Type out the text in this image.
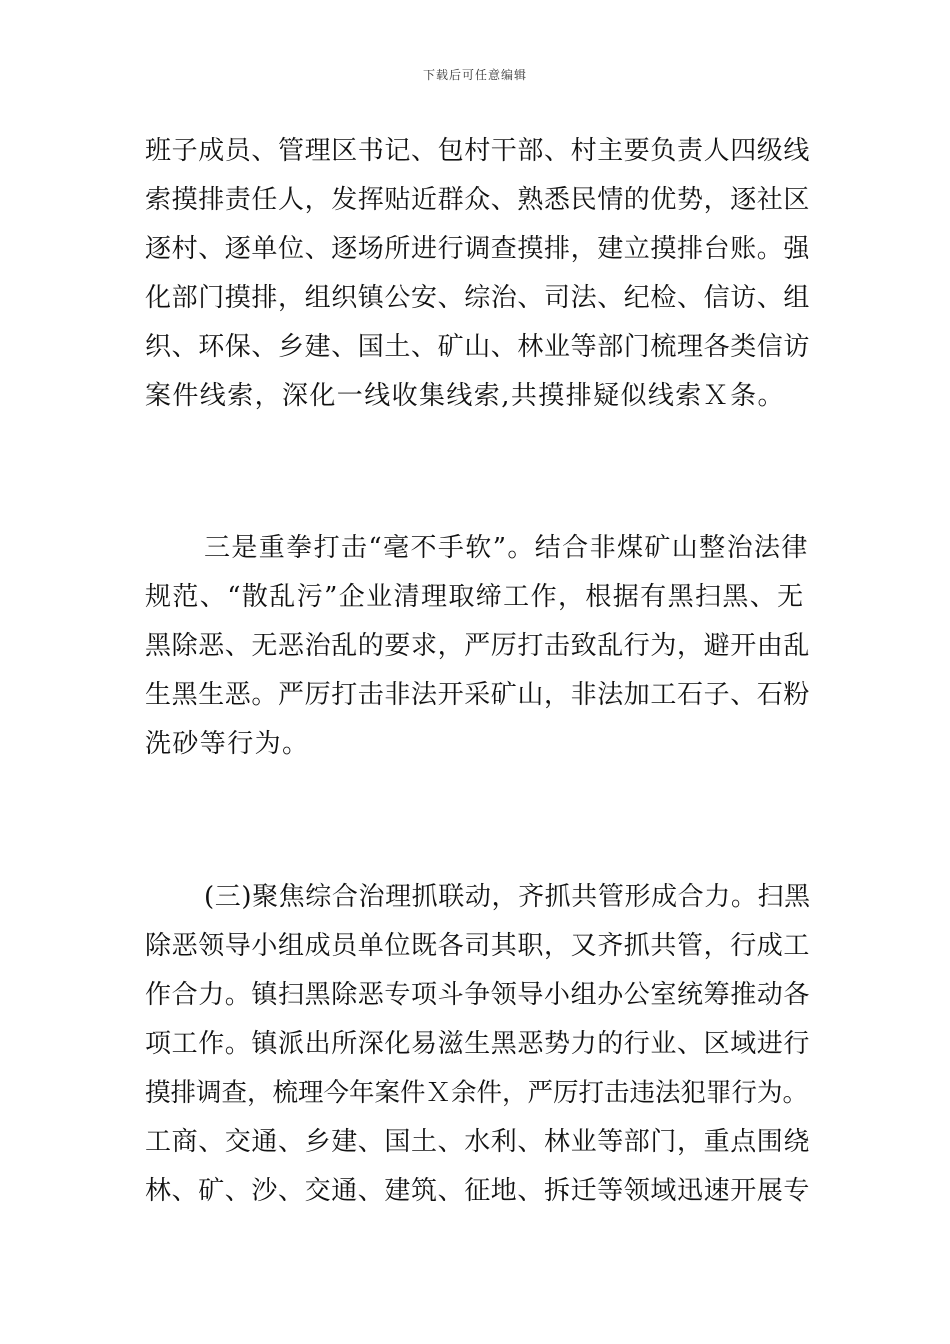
下载后可任意编辑
班子成员、管理区书记、包村干部、村主要负责人四级线
索摸排责任人，发挥贴近群众、熟悉民情的优势，逐社区
逐村、逐单位、逐场所进行调查摸排，建立摸排台账。强
化部门摸排，组织镇公安、综治、司法、纪检、信访、组
织、环保、乡建、国土、矿山、林业等部门梳理各类信访
案件线索，深化一线收集线索,共摸排疑似线索Ｘ条。
三是重拳打击“毫不手软”。结合非煤矿山整治法律
规范、“散乱污”企业清理取缔工作，根据有黑扫黑、无
黑除恶、无恶治乱的要求，严厉打击致乱行为，避开由乱
生黑生恶。严厉打击非法开采矿山，非法加工石子、石粉
洗砂等行为。
(三)聚焦综合治理抓联动，齐抓共管形成合力。扫黑
除恶领导小组成员单位既各司其职，又齐抓共管，行成工
作合力。镇扫黑除恶专项斗争领导小组办公室统筹推动各
项工作。镇派出所深化易滋生黑恶势力的行业、区域进行
摸排调查，梳理今年案件Ｘ余件，严厉打击违法犯罪行为。
工商、交通、乡建、国土、水利、林业等部门，重点围绕
林、矿、沙、交通、建筑、征地、拆迁等领域迅速开展专
